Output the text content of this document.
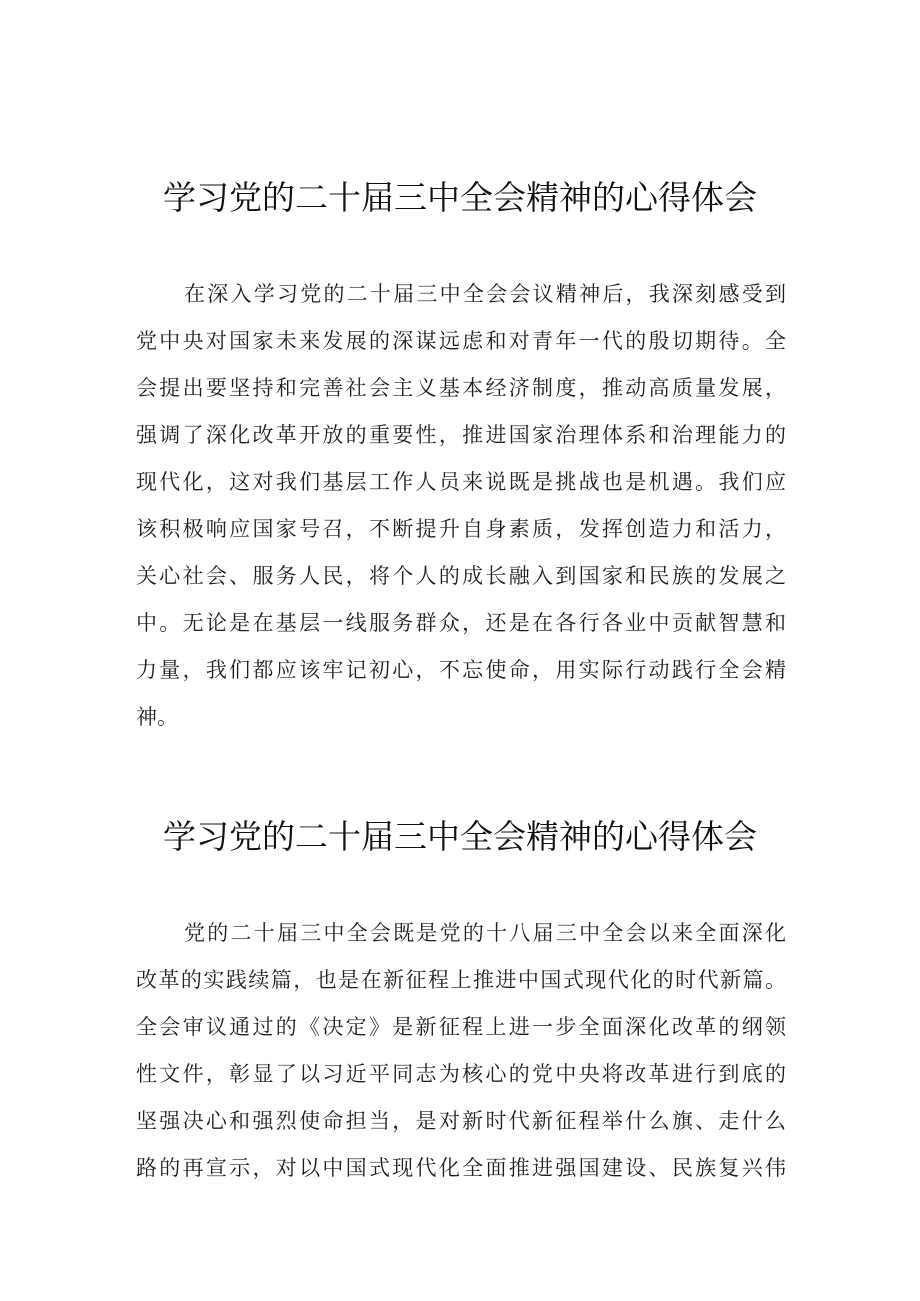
学习党的二十届三中全会精神的心得体会
在深入学习党的二十届三中全会会议精神后，我深刻感受到
党中央对国家未来发展的深谋远虑和对青年一代的殷切期待。全
会提出要坚持和完善社会主义基本经济制度，推动高质量发展，
强调了深化改革开放的重要性，推进国家治理体系和治理能力的
现代化，这对我们基层工作人员来说既是挑战也是机遇。我们应
该积极响应国家号召，不断提升自身素质，发挥创造力和活力，
关心社会、服务人民，将个人的成长融入到国家和民族的发展之
中。无论是在基层一线服务群众，还是在各行各业中贡献智慧和
力量，我们都应该牢记初心，不忘使命，用实际行动践行全会精
神。
学习党的二十届三中全会精神的心得体会
党的二十届三中全会既是党的十八届三中全会以来全面深化
改革的实践续篇，也是在新征程上推进中国式现代化的时代新篇。
全会审议通过的《决定》是新征程上进一步全面深化改革的纲领
性文件，彰显了以习近平同志为核心的党中央将改革进行到底的
坚强决心和强烈使命担当，是对新时代新征程举什么旗、走什么
路的再宣示，对以中国式现代化全面推进强国建设、民族复兴伟
